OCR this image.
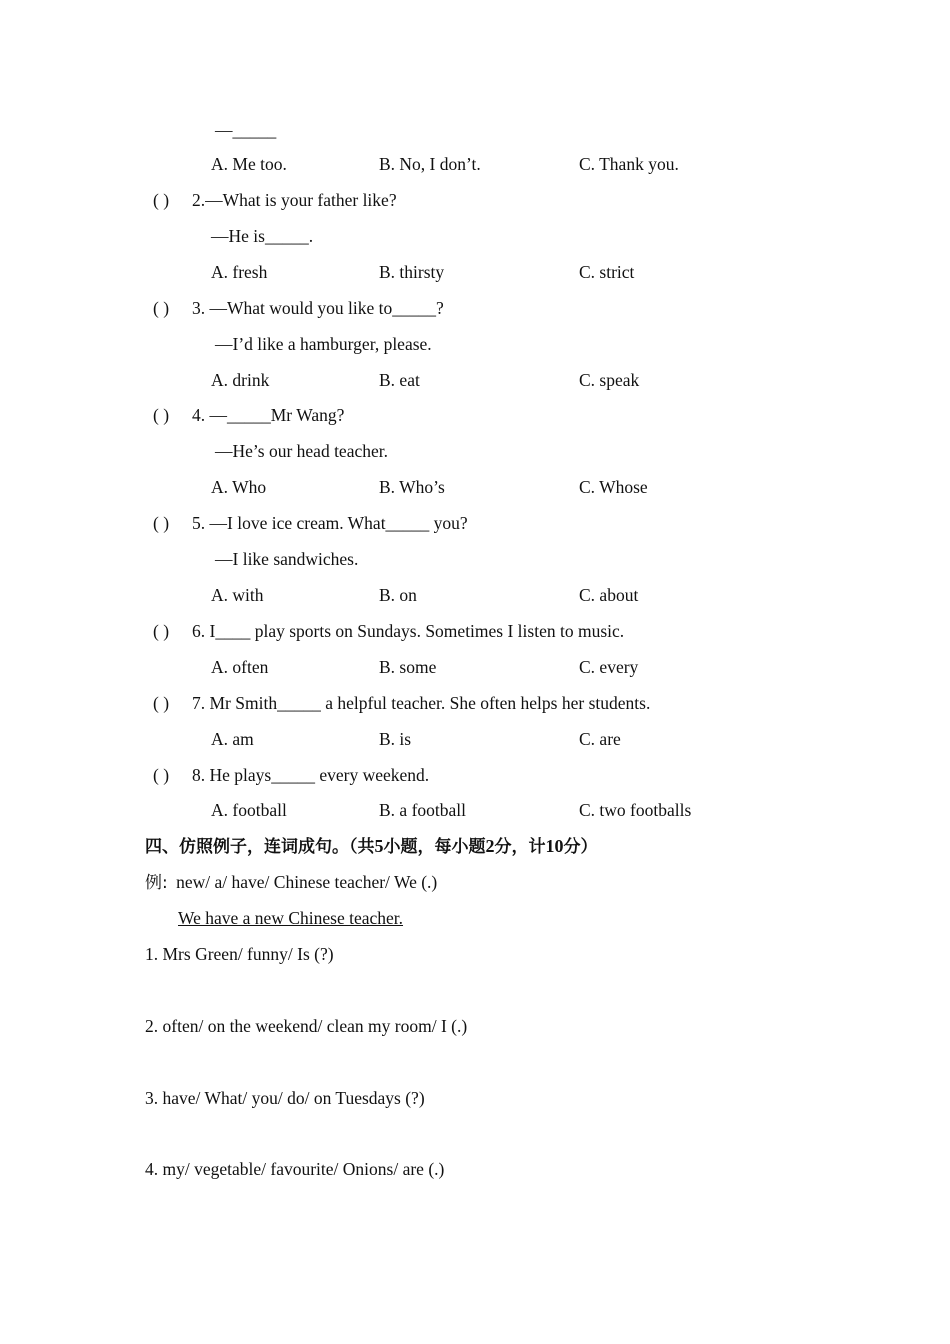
—_____
A. Me too.	B. No, I don’t.	C. Thank you.
( ) 2.—What is your father like?
—He is_____.
A. fresh	B. thirsty	C. strict
( ) 3. —What would you like to_____?
—I’d like a hamburger, please.
A. drink	B. eat	C. speak
( ) 4. —_____Mr Wang?
—He’s our head teacher.
A. Who	B. Who’s	C. Whose
( ) 5. —I love ice cream. What_____ you?
—I like sandwiches.
A. with	B. on	C. about
( ) 6. I____ play sports on Sundays. Sometimes I listen to music.
A. often	B. some	C. every
( ) 7. Mr Smith_____ a helpful teacher. She often helps her students.
A. am	B. is	C. are
( ) 8. He plays_____ every weekend.
A. football	B. a football	C. two footballs
四、仿照例子，连词成句。（共5小题，每小题2分，计10分）
例: new/ a/ have/ Chinese teacher/ We (.)
We have a new Chinese teacher.
1. Mrs Green/ funny/ Is (?)
2. often/ on the weekend/ clean my room/ I (.)
3. have/ What/ you/ do/ on Tuesdays (?)
4. my/ vegetable/ favourite/ Onions/ are (.)
